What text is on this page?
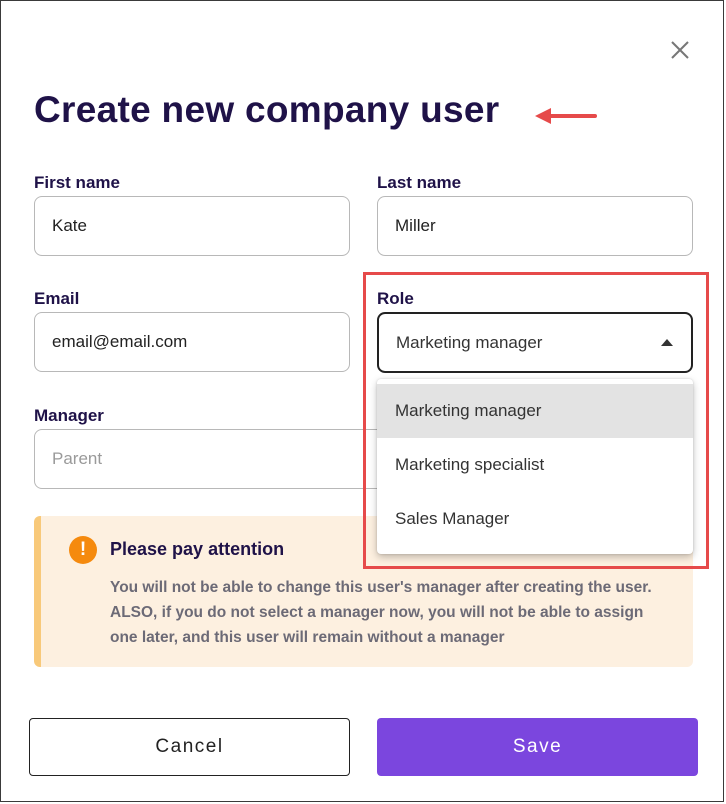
Create new company user
First name
Kate
Last name
Miller
Email
email@email.com
Role
Marketing manager
Manager
Parent
Marketing manager
Marketing specialist
Sales Manager
!	Please pay attention

You will not be able to change this user's manager after creating the user. ALSO, if you do not select a manager now, you will not be able to assign one later, and this user will remain without a manager

Cancel	Save
